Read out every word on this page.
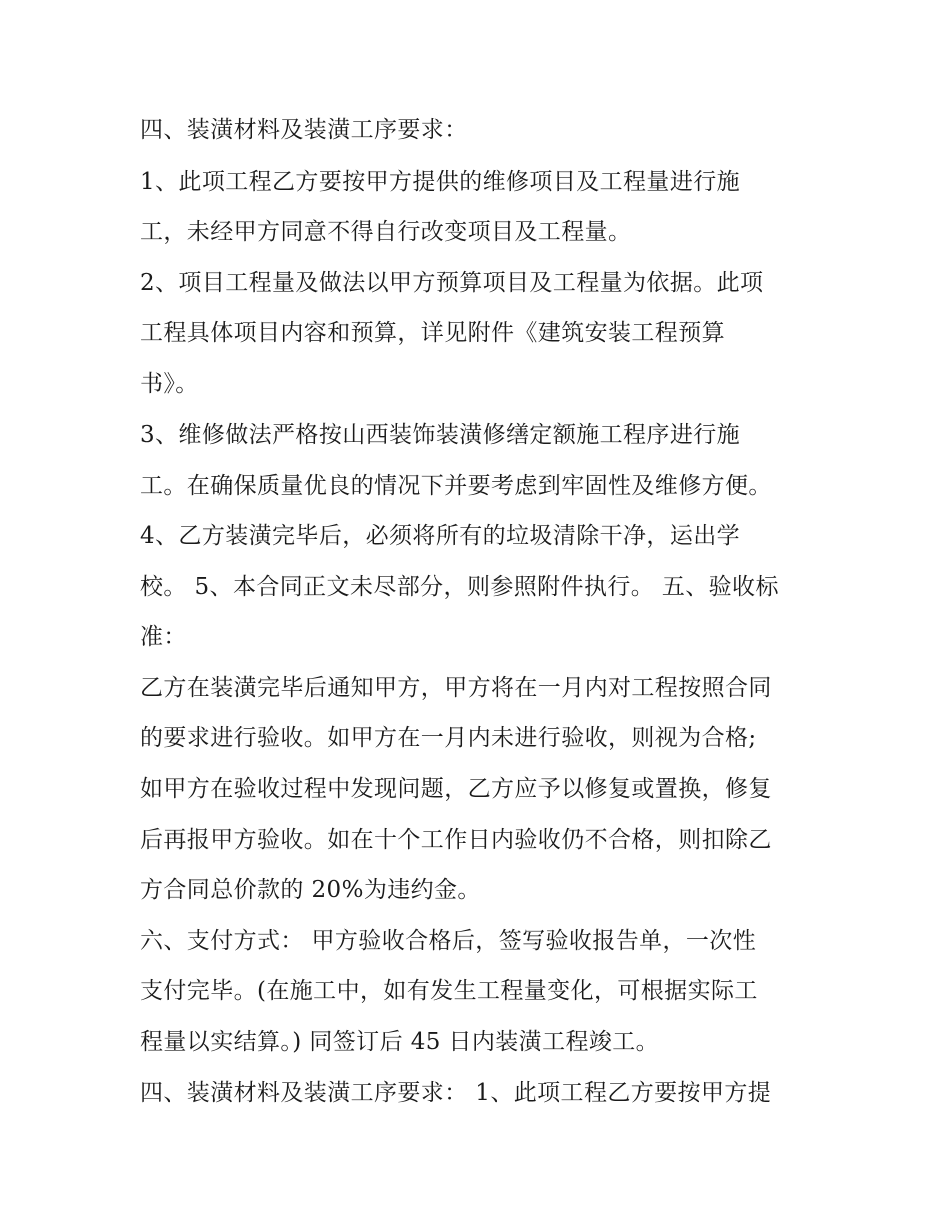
四、装潢材料及装潢工序要求：
1、此项工程乙方要按甲方提供的维修项目及工程量进行施
工，未经甲方同意不得自行改变项目及工程量。
2、项目工程量及做法以甲方预算项目及工程量为依据。此项
工程具体项目内容和预算，详见附件《建筑安装工程预算
书》。
3、维修做法严格按山西装饰装潢修缮定额施工程序进行施
工。在确保质量优良的情况下并要考虑到牢固性及维修方便。
4、乙方装潢完毕后，必须将所有的垃圾清除干净，运出学
校。 5、本合同正文未尽部分，则参照附件执行。 五、验收标
准：
乙方在装潢完毕后通知甲方，甲方将在一月内对工程按照合同
的要求进行验收。如甲方在一月内未进行验收，则视为合格;
如甲方在验收过程中发现问题，乙方应予以修复或置换，修复
后再报甲方验收。如在十个工作日内验收仍不合格，则扣除乙
方合同总价款的 20%为违约金。
六、支付方式： 甲方验收合格后，签写验收报告单，一次性
支付完毕。(在施工中，如有发生工程量变化，可根据实际工
程量以实结算。) 同签订后 45 日内装潢工程竣工。
四、装潢材料及装潢工序要求： 1、此项工程乙方要按甲方提
